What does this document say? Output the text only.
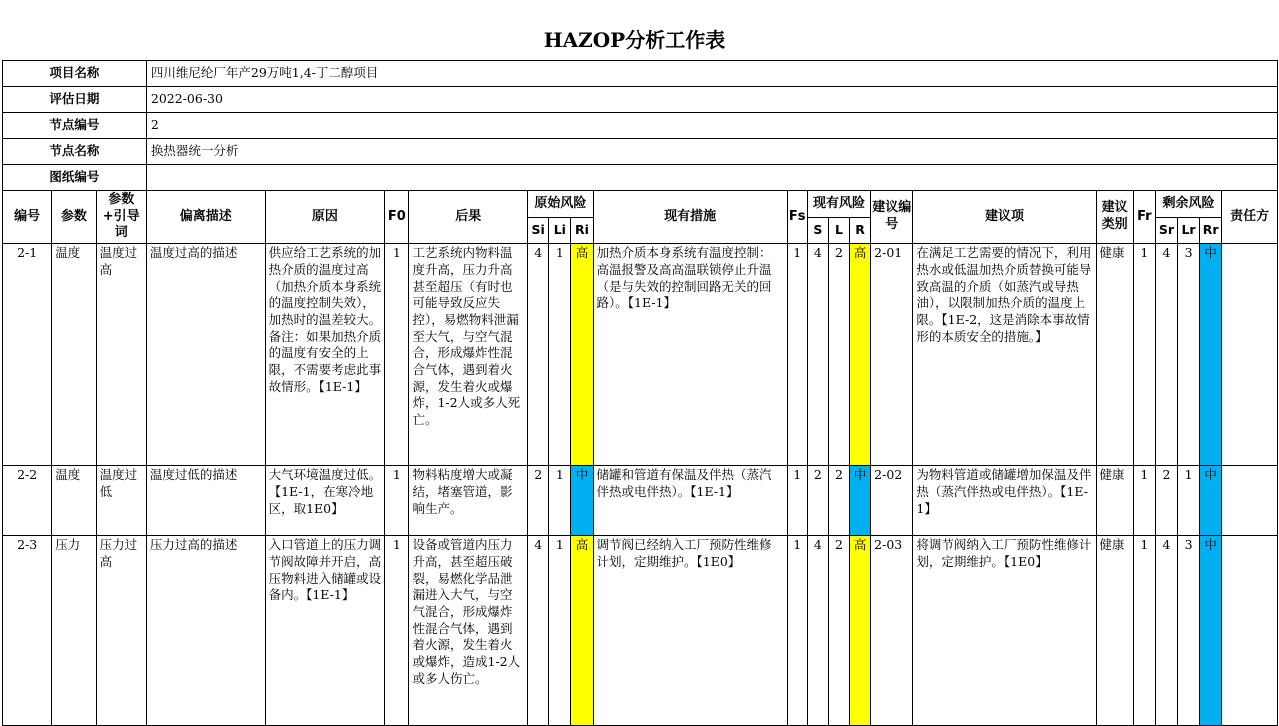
HAZOP分析工作表
项目名称			四川维尼纶厂年产29万吨1,4-丁二醇项目																			
评估日期			2022-06-30																			
节点编号			2																			
节点名称			换热器统一分析																			
图纸编号																						
编号	参数	参数+引导词	偏离描述	原因	F0	后果	原始风险			现有措施	Fs	现有风险			建议编号	建议项	建议类别	Fr	剩余风险			责任方
							Si	Li	Ri			S	L	R					Sr	Lr	Rr	
2-1	温度	温度过高	温度过高的描述	供应给工艺系统的加热介质的温度过高（加热介质本身系统的温度控制失效），加热时的温差较大。备注：如果加热介质的温度有安全的上限，不需要考虑此事故情形。【1E-1】	1	工艺系统内物料温度升高，压力升高甚至超压（有时也可能导致反应失控），易燃物料泄漏至大气，与空气混合，形成爆炸性混合气体，遇到着火源，发生着火或爆炸，1-2人或多人死亡。	4	1	高	加热介质本身系统有温度控制：高温报警及高高温联锁停止升温（是与失效的控制回路无关的回路）。【1E-1】	1	4	2	高	2-01	在满足工艺需要的情况下，利用热水或低温加热介质替换可能导致高温的介质（如蒸汽或导热油），以限制加热介质的温度上限。【1E-2，这是消除本事故情形的本质安全的措施。】	健康	1	4	3	中	
2-2	温度	温度过低	温度过低的描述	大气环境温度过低。【1E-1，在寒冷地区，取1E0】	1	物料粘度增大或凝结，堵塞管道，影响生产。	2	1	中	储罐和管道有保温及伴热（蒸汽伴热或电伴热）。【1E-1】	1	2	2	中	2-02	为物料管道或储罐增加保温及伴热（蒸汽伴热或电伴热）。【1E-1】	健康	1	2	1	中	
2-3	压力	压力过高	压力过高的描述	入口管道上的压力调节阀故障并开启，高压物料进入储罐或设备内。【1E-1】	1	设备或管道内压力升高，甚至超压破裂，易燃化学品泄漏进入大气，与空气混合，形成爆炸性混合气体，遇到着火源，发生着火或爆炸，造成1-2人或多人伤亡。	4	1	高	调节阀已经纳入工厂预防性维修计划，定期维护。【1E0】	1	4	2	高	2-03	将调节阀纳入工厂预防性维修计划，定期维护。【1E0】	健康	1	4	3	中	
